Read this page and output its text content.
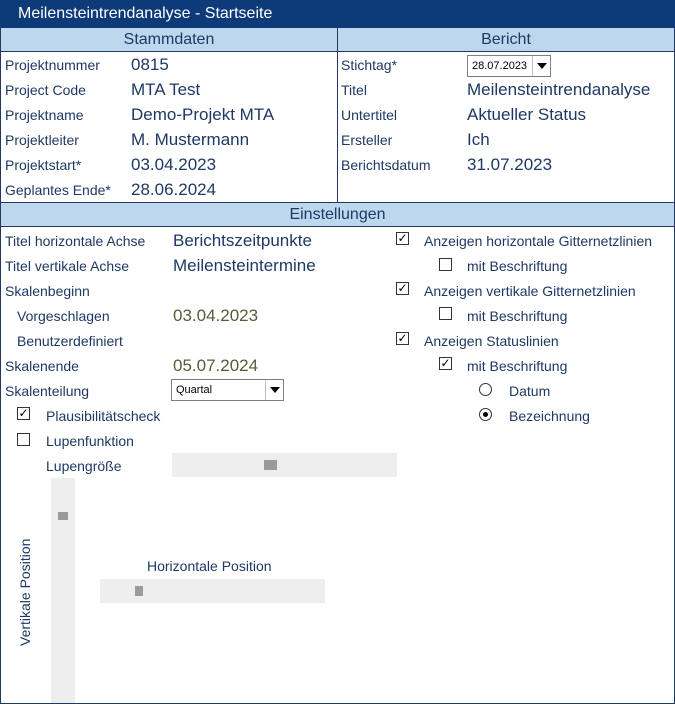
Meilensteintrendanalyse - Startseite
Stammdaten	Bericht
Projektnummer 0815
Project Code	MTA Test
Projektname	Demo-Projekt MTA
Projektleiter	M. Mustermann
Projektstart*	03.04.2023
Geplantes Ende* 28.06.2024
Stichtag*	28.07.2023
Titel	Meilensteintrendanalyse
Untertitel	Aktueller Status
Ersteller	Ich
Berichtsdatum 31.07.2023
Einstellungen
Titel horizontale Achse Berichtszeitpunkte
Titel vertikale Achse	Meilensteintermine
Skalenbeginn
Vorgeschlagen	03.04.2023
Benutzerdefiniert
Skalenende	05.07.2024
Skalenteilung	Quartal
✓ Plausibilitätscheck
Lupenfunktion
Lupengröße
Vertikale Position	Horizontale Position
✓ Anzeigen horizontale Gitternetzlinien
mit Beschriftung
✓ Anzeigen vertikale Gitternetzlinien
mit Beschriftung
✓ Anzeigen Statuslinien
✓ mit Beschriftung
Datum
Bezeichnung
